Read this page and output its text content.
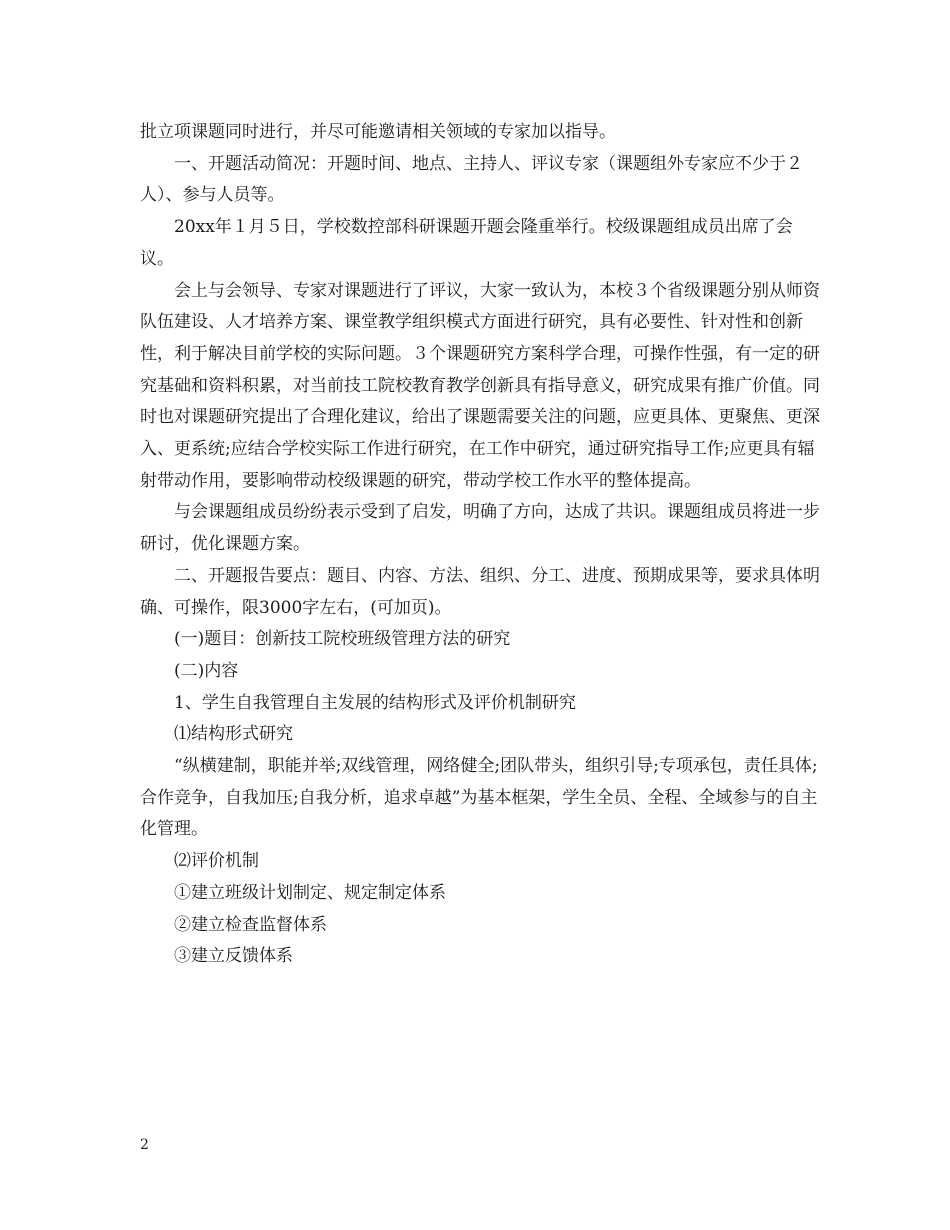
批立项课题同时进行，并尽可能邀请相关领域的专家加以指导。

一、开题活动简况：开题时间、地点、主持人、评议专家（课题组外专家应不少于２人）、参与人员等。

20xx年１月５日，学校数控部科研课题开题会隆重举行。校级课题组成员出席了会议。

会上与会领导、专家对课题进行了评议，大家一致认为，本校３个省级课题分别从师资队伍建设、人才培养方案、课堂教学组织模式方面进行研究，具有必要性、针对性和创新性，利于解决目前学校的实际问题。３个课题研究方案科学合理，可操作性强，有一定的研究基础和资料积累，对当前技工院校教育教学创新具有指导意义，研究成果有推广价值。同时也对课题研究提出了合理化建议，给出了课题需要关注的问题，应更具体、更聚焦、更深入、更系统;应结合学校实际工作进行研究，在工作中研究，通过研究指导工作;应更具有辐射带动作用，要影响带动校级课题的研究，带动学校工作水平的整体提高。

与会课题组成员纷纷表示受到了启发，明确了方向，达成了共识。课题组成员将进一步研讨，优化课题方案。

二、开题报告要点：题目、内容、方法、组织、分工、进度、预期成果等，要求具体明确、可操作，限3000字左右，(可加页)。

(一)题目：创新技工院校班级管理方法的研究

(二)内容

1、学生自我管理自主发展的结构形式及评价机制研究

⑴结构形式研究

“纵横建制，职能并举;双线管理，网络健全;团队带头，组织引导;专项承包，责任具体;合作竞争，自我加压;自我分析，追求卓越”为基本框架，学生全员、全程、全域参与的自主化管理。

⑵评价机制

①建立班级计划制定、规定制定体系

②建立检查监督体系

③建立反馈体系

2
